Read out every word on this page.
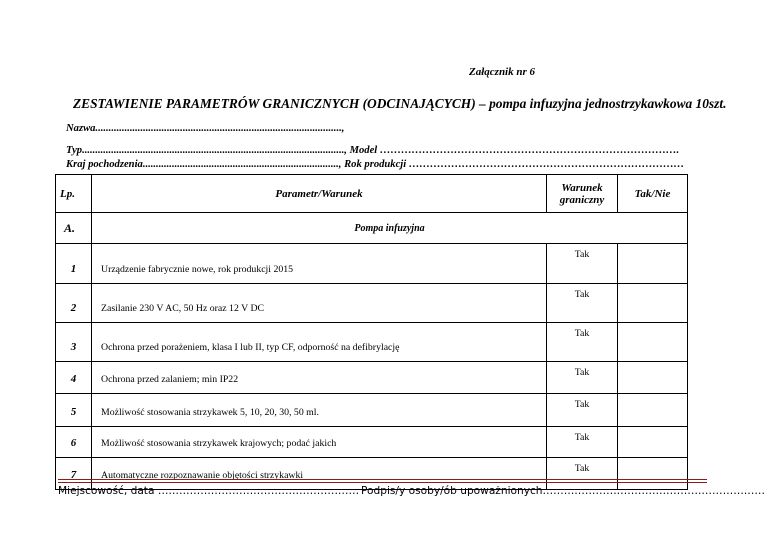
Załącznik nr 6
ZESTAWIENIE PARAMETRÓW GRANICZNYCH (ODCINAJĄCYCH) – pompa infuzyjna jednostrzykawkowa 10szt.
Nazwa.............................................................................................,
Typ..................................................................................................., Model ………………………………………………………………………….
Kraj pochodzenia.........................................................................., Rok produkcji ……………………………………………………………………
Lp.	Parametr/Warunek	Warunek graniczny	Tak/Nie
A.	Pompa infuzyjna		
1	Urządzenie fabrycznie nowe, rok produkcji 2015	Tak	
2	Zasilanie 230 V AC, 50 Hz oraz 12 V DC	Tak	
3	Ochrona przed porażeniem, klasa I lub II, typ CF, odporność na defibrylację	Tak	
4	Ochrona przed zalaniem; min IP22	Tak	
5	Możliwość stosowania strzykawek 5, 10, 20, 30, 50 ml.	Tak	
6	Możliwość stosowania strzykawek krajowych; podać jakich	Tak	
7	Automatyczne rozpoznawanie objętości strzykawki	Tak	
Miejscowość, data ………………………………………………… Podpis/y osoby/ób upoważnionych………………………………………………………
